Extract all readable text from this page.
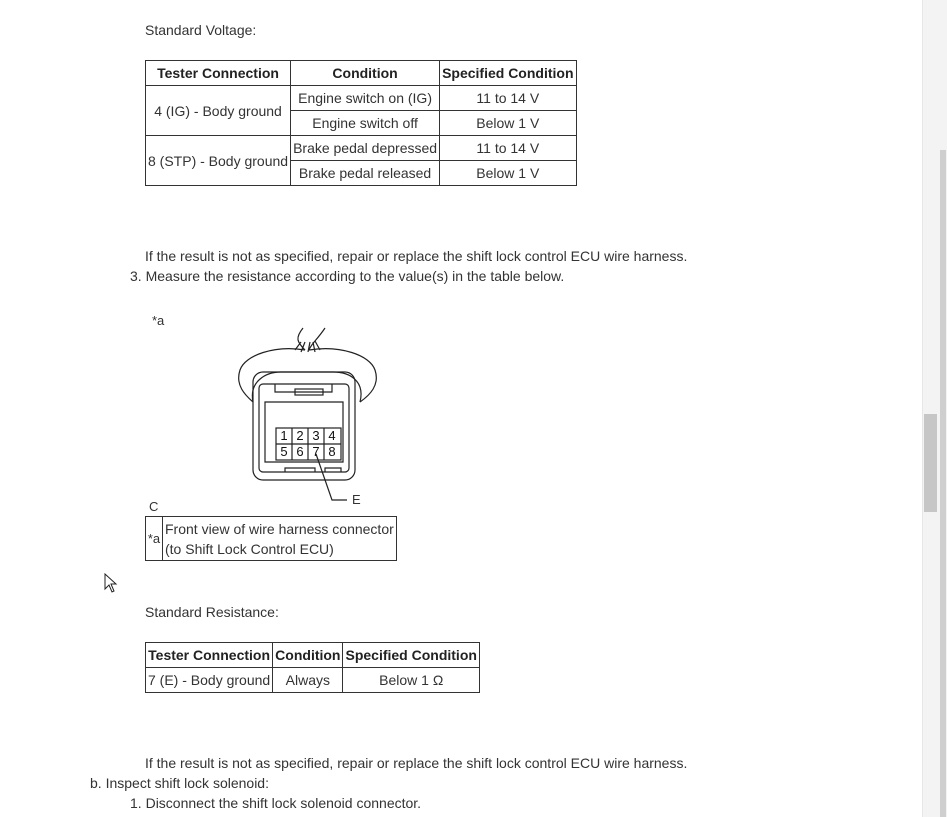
Standard Voltage:
Tester Connection	Condition	Specified Condition
4 (IG) - Body ground	Engine switch on (IG)	11 to 14 V
	Engine switch off	Below 1 V
8 (STP) - Body ground	Brake pedal depressed	11 to 14 V
	Brake pedal released	Below 1 V
If the result is not as specified, repair or replace the shift lock control ECU wire harness.
3. Measure the resistance according to the value(s) in the table below.
*a
1 2 3 4
5 6 7 8
E
C
*a	
Front view of wire harness connector
(to Shift Lock Control ECU)
Standard Resistance:
Tester Connection	Condition	Specified Condition
7 (E) - Body ground	Always	Below 1 Ω
If the result is not as specified, repair or replace the shift lock control ECU wire harness.
b. Inspect shift lock solenoid:
1. Disconnect the shift lock solenoid connector.
